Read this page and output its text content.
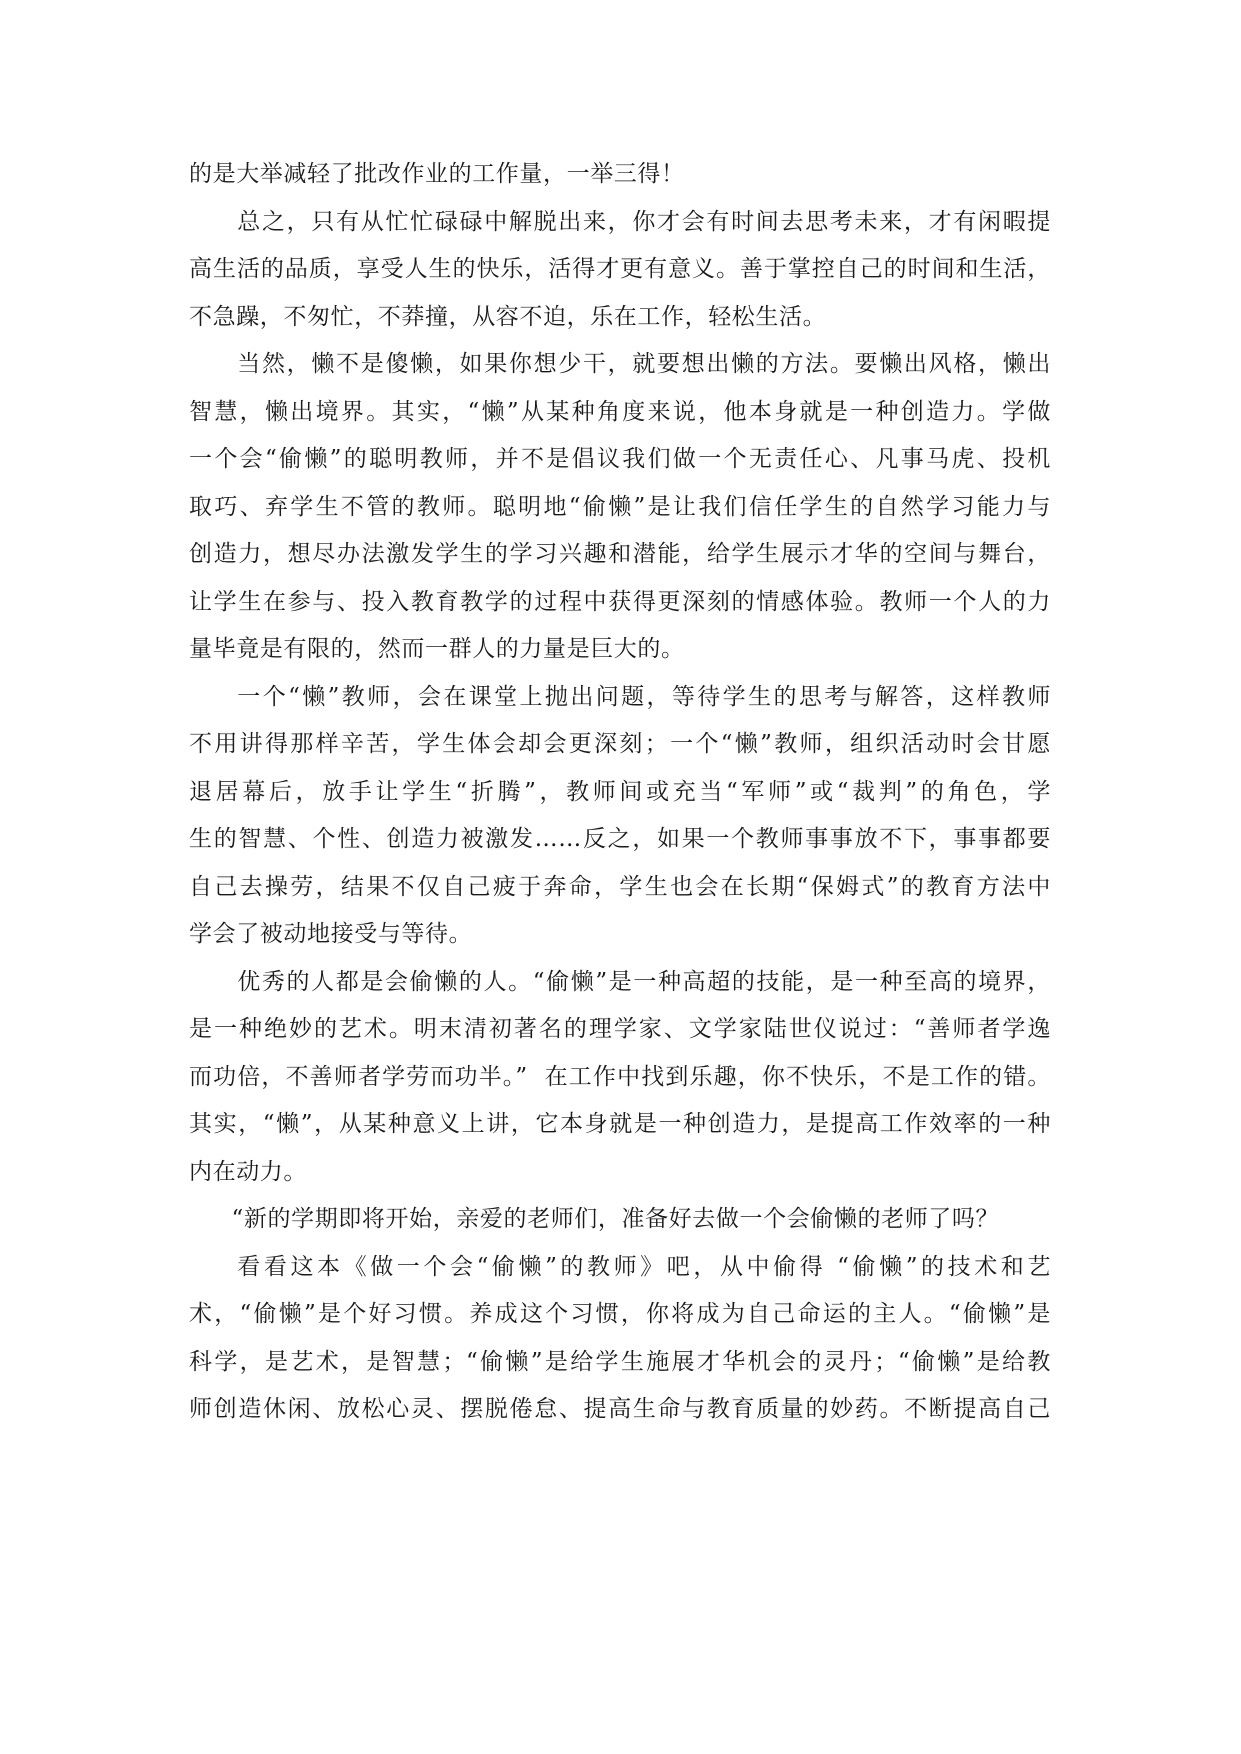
的是大举减轻了批改作业的工作量，一举三得！

总之，只有从忙忙碌碌中解脱出来，你才会有时间去思考未来，才有闲暇提
高生活的品质，享受人生的快乐，活得才更有意义。善于掌控自己的时间和生活，
不急躁，不匆忙，不莽撞，从容不迫，乐在工作，轻松生活。

当然，懒不是傻懒，如果你想少干，就要想出懒的方法。要懒出风格，懒出
智慧，懒出境界。其实，“懒”从某种角度来说，他本身就是一种创造力。学做
一个会“偷懒”的聪明教师，并不是倡议我们做一个无责任心、凡事马虎、投机
取巧、弃学生不管的教师。聪明地“偷懒”是让我们信任学生的自然学习能力与
创造力，想尽办法激发学生的学习兴趣和潜能，给学生展示才华的空间与舞台，
让学生在参与、投入教育教学的过程中获得更深刻的情感体验。教师一个人的力
量毕竟是有限的，然而一群人的力量是巨大的。

一个“懒”教师，会在课堂上抛出问题，等待学生的思考与解答，这样教师
不用讲得那样辛苦，学生体会却会更深刻；一个“懒”教师，组织活动时会甘愿
退居幕后，放手让学生“折腾”，教师间或充当“军师”或“裁判”的角色，学
生的智慧、个性、创造力被激发……反之，如果一个教师事事放不下，事事都要
自己去操劳，结果不仅自己疲于奔命，学生也会在长期“保姆式”的教育方法中
学会了被动地接受与等待。

优秀的人都是会偷懒的人。“偷懒”是一种高超的技能，是一种至高的境界，
是一种绝妙的艺术。明末清初著名的理学家、文学家陆世仪说过：“善师者学逸
而功倍，不善师者学劳而功半。”  在工作中找到乐趣，你不快乐，不是工作的错。
其实，“懒”，从某种意义上讲，它本身就是一种创造力，是提高工作效率的一种
内在动力。

“新的学期即将开始，亲爱的老师们，准备好去做一个会偷懒的老师了吗？

看看这本《做一个会“偷懒”的教师》吧，从中偷得 “偷懒”的技术和艺
术，“偷懒”是个好习惯。养成这个习惯，你将成为自己命运的主人。“偷懒”是
科学，是艺术，是智慧；“偷懒”是给学生施展才华机会的灵丹；“偷懒”是给教
师创造休闲、放松心灵、摆脱倦怠、提高生命与教育质量的妙药。不断提高自己
